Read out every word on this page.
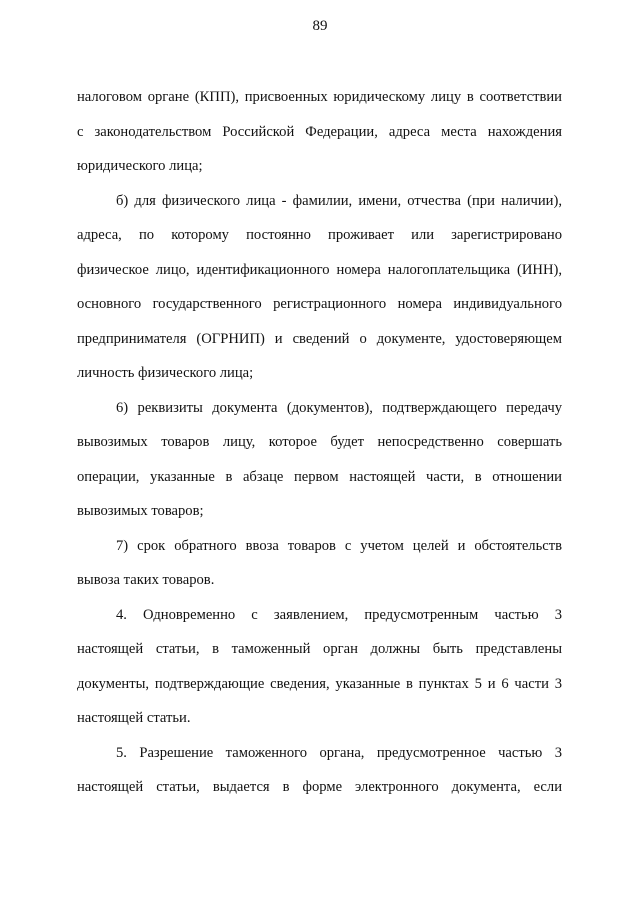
89

налоговом органе (КПП), присвоенных юридическому лицу в соответствии

с законодательством Российской Федерации, адреса места нахождения

юридического лица;

б) для физического лица - фамилии, имени, отчества (при наличии),

адреса, по которому постоянно проживает или зарегистрировано

физическое лицо, идентификационного номера налогоплательщика (ИНН),

основного государственного регистрационного номера индивидуального

предпринимателя (ОГРНИП) и сведений о документе, удостоверяющем

личность физического лица;

6) реквизиты документа (документов), подтверждающего передачу

вывозимых товаров лицу, которое будет непосредственно совершать

операции, указанные в абзаце первом настоящей части, в отношении

вывозимых товаров;

7) срок обратного ввоза товаров с учетом целей и обстоятельств

вывоза таких товаров.

4. Одновременно с заявлением, предусмотренным частью 3

настоящей статьи, в таможенный орган должны быть представлены

документы, подтверждающие сведения, указанные в пунктах 5 и 6 части 3

настоящей статьи.

5. Разрешение таможенного органа, предусмотренное частью 3

настоящей статьи, выдается в форме электронного документа, если
